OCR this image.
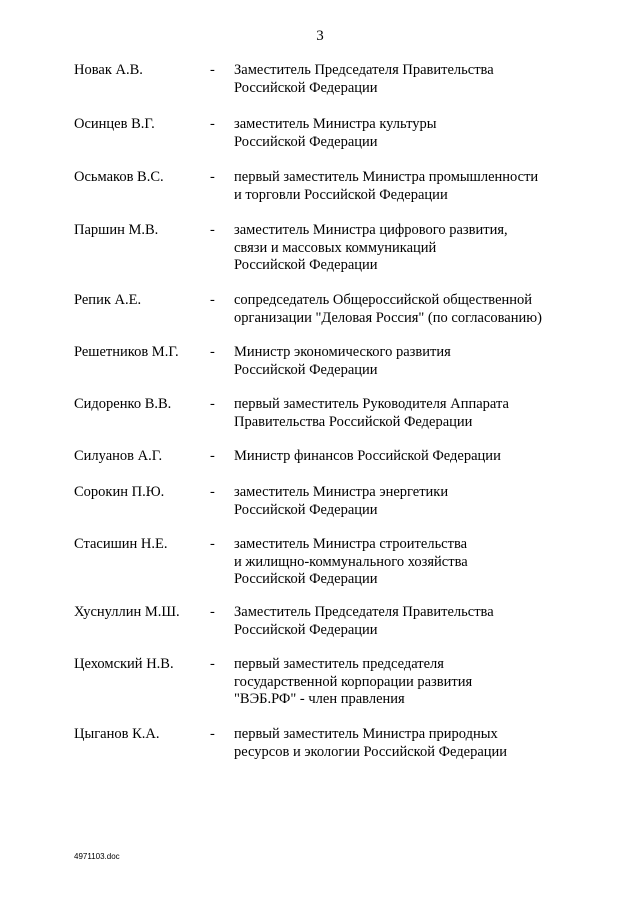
3
Новак А.В.	- Заместитель Председателя Правительства
Российской Федерации
Осинцев В.Г.	- заместитель Министра культуры
Российской Федерации
Осьмаков В.С.	- первый заместитель Министра промышленности
и торговли Российской Федерации
Паршин М.В.	- заместитель Министра цифрового развития,
связи и массовых коммуникаций
Российской Федерации
Репик А.Е.	- сопредседатель Общероссийской общественной
организации "Деловая Россия" (по согласованию)
Решетников М.Г. - Министр экономического развития
Российской Федерации
Сидоренко В.В.	- первый заместитель Руководителя Аппарата
Правительства Российской Федерации
Силуанов А.Г.	- Министр финансов Российской Федерации
Сорокин П.Ю.	- заместитель Министра энергетики
Российской Федерации
Стасишин Н.Е.	- заместитель Министра строительства
и жилищно-коммунального хозяйства
Российской Федерации
Хуснуллин М.Ш. - Заместитель Председателя Правительства
Российской Федерации
Цехомский Н.В.	- первый заместитель председателя
государственной корпорации развития
"ВЭБ.РФ" - член правления
Цыганов К.А.	- первый заместитель Министра природных
ресурсов и экологии Российской Федерации
4971103.doc
